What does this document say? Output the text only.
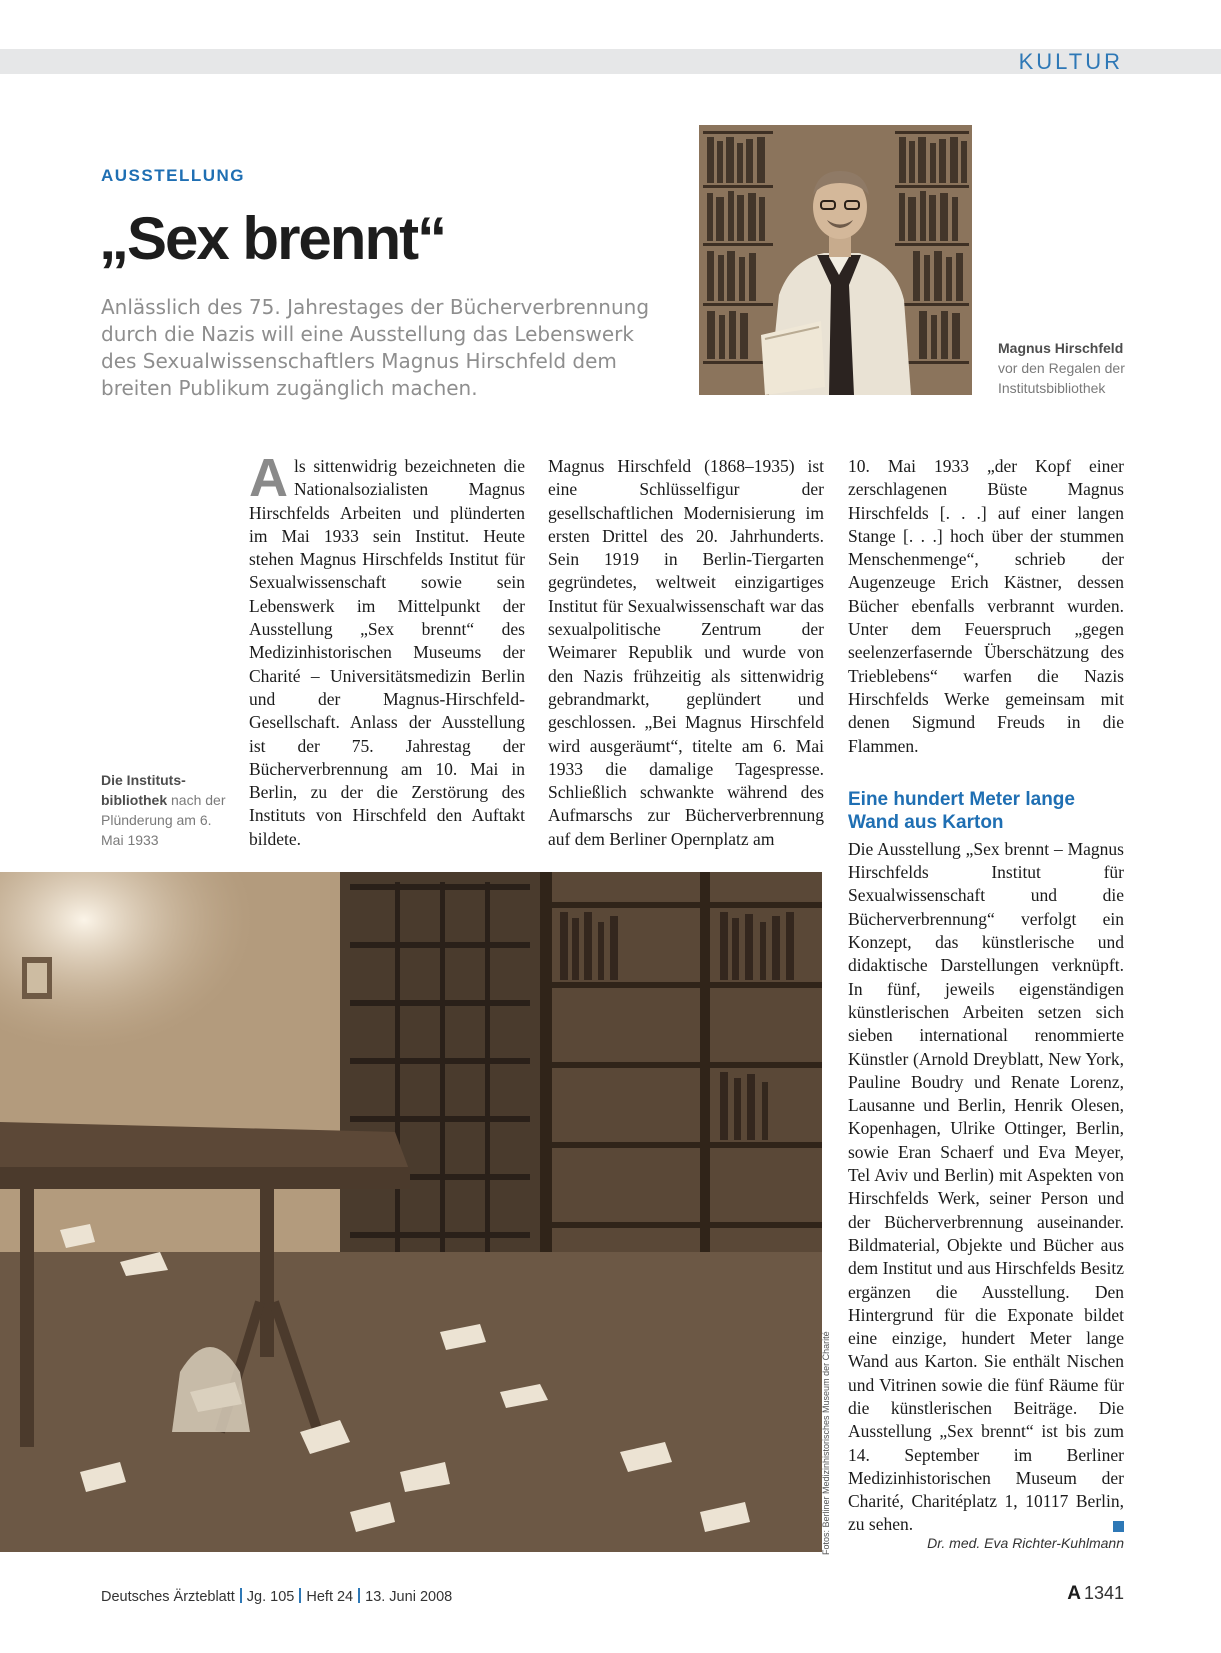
KULTUR
AUSSTELLUNG
„Sex brennt“

Anlässlich des 75. Jahrestages der Bücherverbrennung durch die Nazis will eine Ausstellung das Lebenswerk des Sexualwissenschaftlers Magnus Hirschfeld dem breiten Publikum zugänglich machen.

Magnus Hirschfeld
vor den Regalen der Institutsbibliothek
Die Instituts-bibliothek nach der Plünderung am 6. Mai 1933
A ls sittenwidrig bezeichneten die Nationalsozialisten Magnus Hirschfelds Arbeiten und plünderten im Mai 1933 sein Institut. Heute stehen Magnus Hirschfelds Institut für Sexualwissenschaft sowie sein Lebenswerk im Mittelpunkt der Ausstellung „Sex brennt“ des Medizinhistorischen Museums der Charité – Universitätsmedizin Berlin und der Magnus-Hirschfeld-Gesellschaft. Anlass der Ausstellung ist der 75. Jahrestag der Bücherverbrennung am 10. Mai in Berlin, zu der die Zerstörung des Instituts von Hirschfeld den Auftakt bildete.

Magnus Hirschfeld (1868–1935) ist eine Schlüsselfigur der gesellschaftlichen Modernisierung im ersten Drittel des 20. Jahrhunderts. Sein 1919 in Berlin-Tiergarten gegründetes, weltweit einzigartiges Institut für Sexualwissenschaft war das sexualpolitische Zentrum der Weimarer Republik und wurde von den Nazis frühzeitig als sittenwidrig gebrandmarkt, geplündert und geschlossen. „Bei Magnus Hirschfeld wird ausgeräumt“, titelte am 6. Mai 1933 die damalige Tagespresse. Schließlich schwankte während des Aufmarschs zur Bücherverbrennung auf dem Berliner Opernplatz am

10. Mai 1933 „der Kopf einer zerschlagenen Büste Magnus Hirschfelds [. . .] auf einer langen Stange [. . .] hoch über der stummen Menschenmenge“, schrieb der Augenzeuge Erich Kästner, dessen Bücher ebenfalls verbrannt wurden. Unter dem Feuerspruch „gegen seelenzerfasernde Überschätzung des Trieblebens“ warfen die Nazis Hirschfelds Werke gemeinsam mit denen Sigmund Freuds in die Flammen.

Eine hundert Meter lange Wand aus Karton

Die Ausstellung „Sex brennt – Magnus Hirschfelds Institut für Sexualwissenschaft und die Bücherverbrennung“ verfolgt ein Konzept, das künstlerische und didaktische Darstellungen verknüpft. In fünf, jeweils eigenständigen künstlerischen Arbeiten setzen sich sieben international renommierte Künstler (Arnold Dreyblatt, New York, Pauline Boudry und Renate Lorenz, Lausanne und Berlin, Henrik Olesen, Kopenhagen, Ulrike Ottinger, Berlin, sowie Eran Schaerf und Eva Meyer, Tel Aviv und Berlin) mit Aspekten von Hirschfelds Werk, seiner Person und der Bücherverbrennung auseinander. Bildmaterial, Objekte und Bücher aus dem Institut und aus Hirschfelds Besitz ergänzen die Ausstellung. Den Hintergrund für die Exponate bildet eine einzige, hundert Meter lange Wand aus Karton. Sie enthält Nischen und Vitrinen sowie die fünf Räume für die künstlerischen Beiträge. Die Ausstellung „Sex brennt“ ist bis zum 14. September im Berliner Medizinhistorischen Museum der Charité, Charitéplatz 1, 10117 Berlin, zu sehen.

Fotos: Berliner Medizinhistorisches Museum der Charité	Dr. med. Eva Richter-Kuhlmann
Deutsches Ärzteblatt Jg. 105 Heft 24 13. Juni 2008	A 1341
